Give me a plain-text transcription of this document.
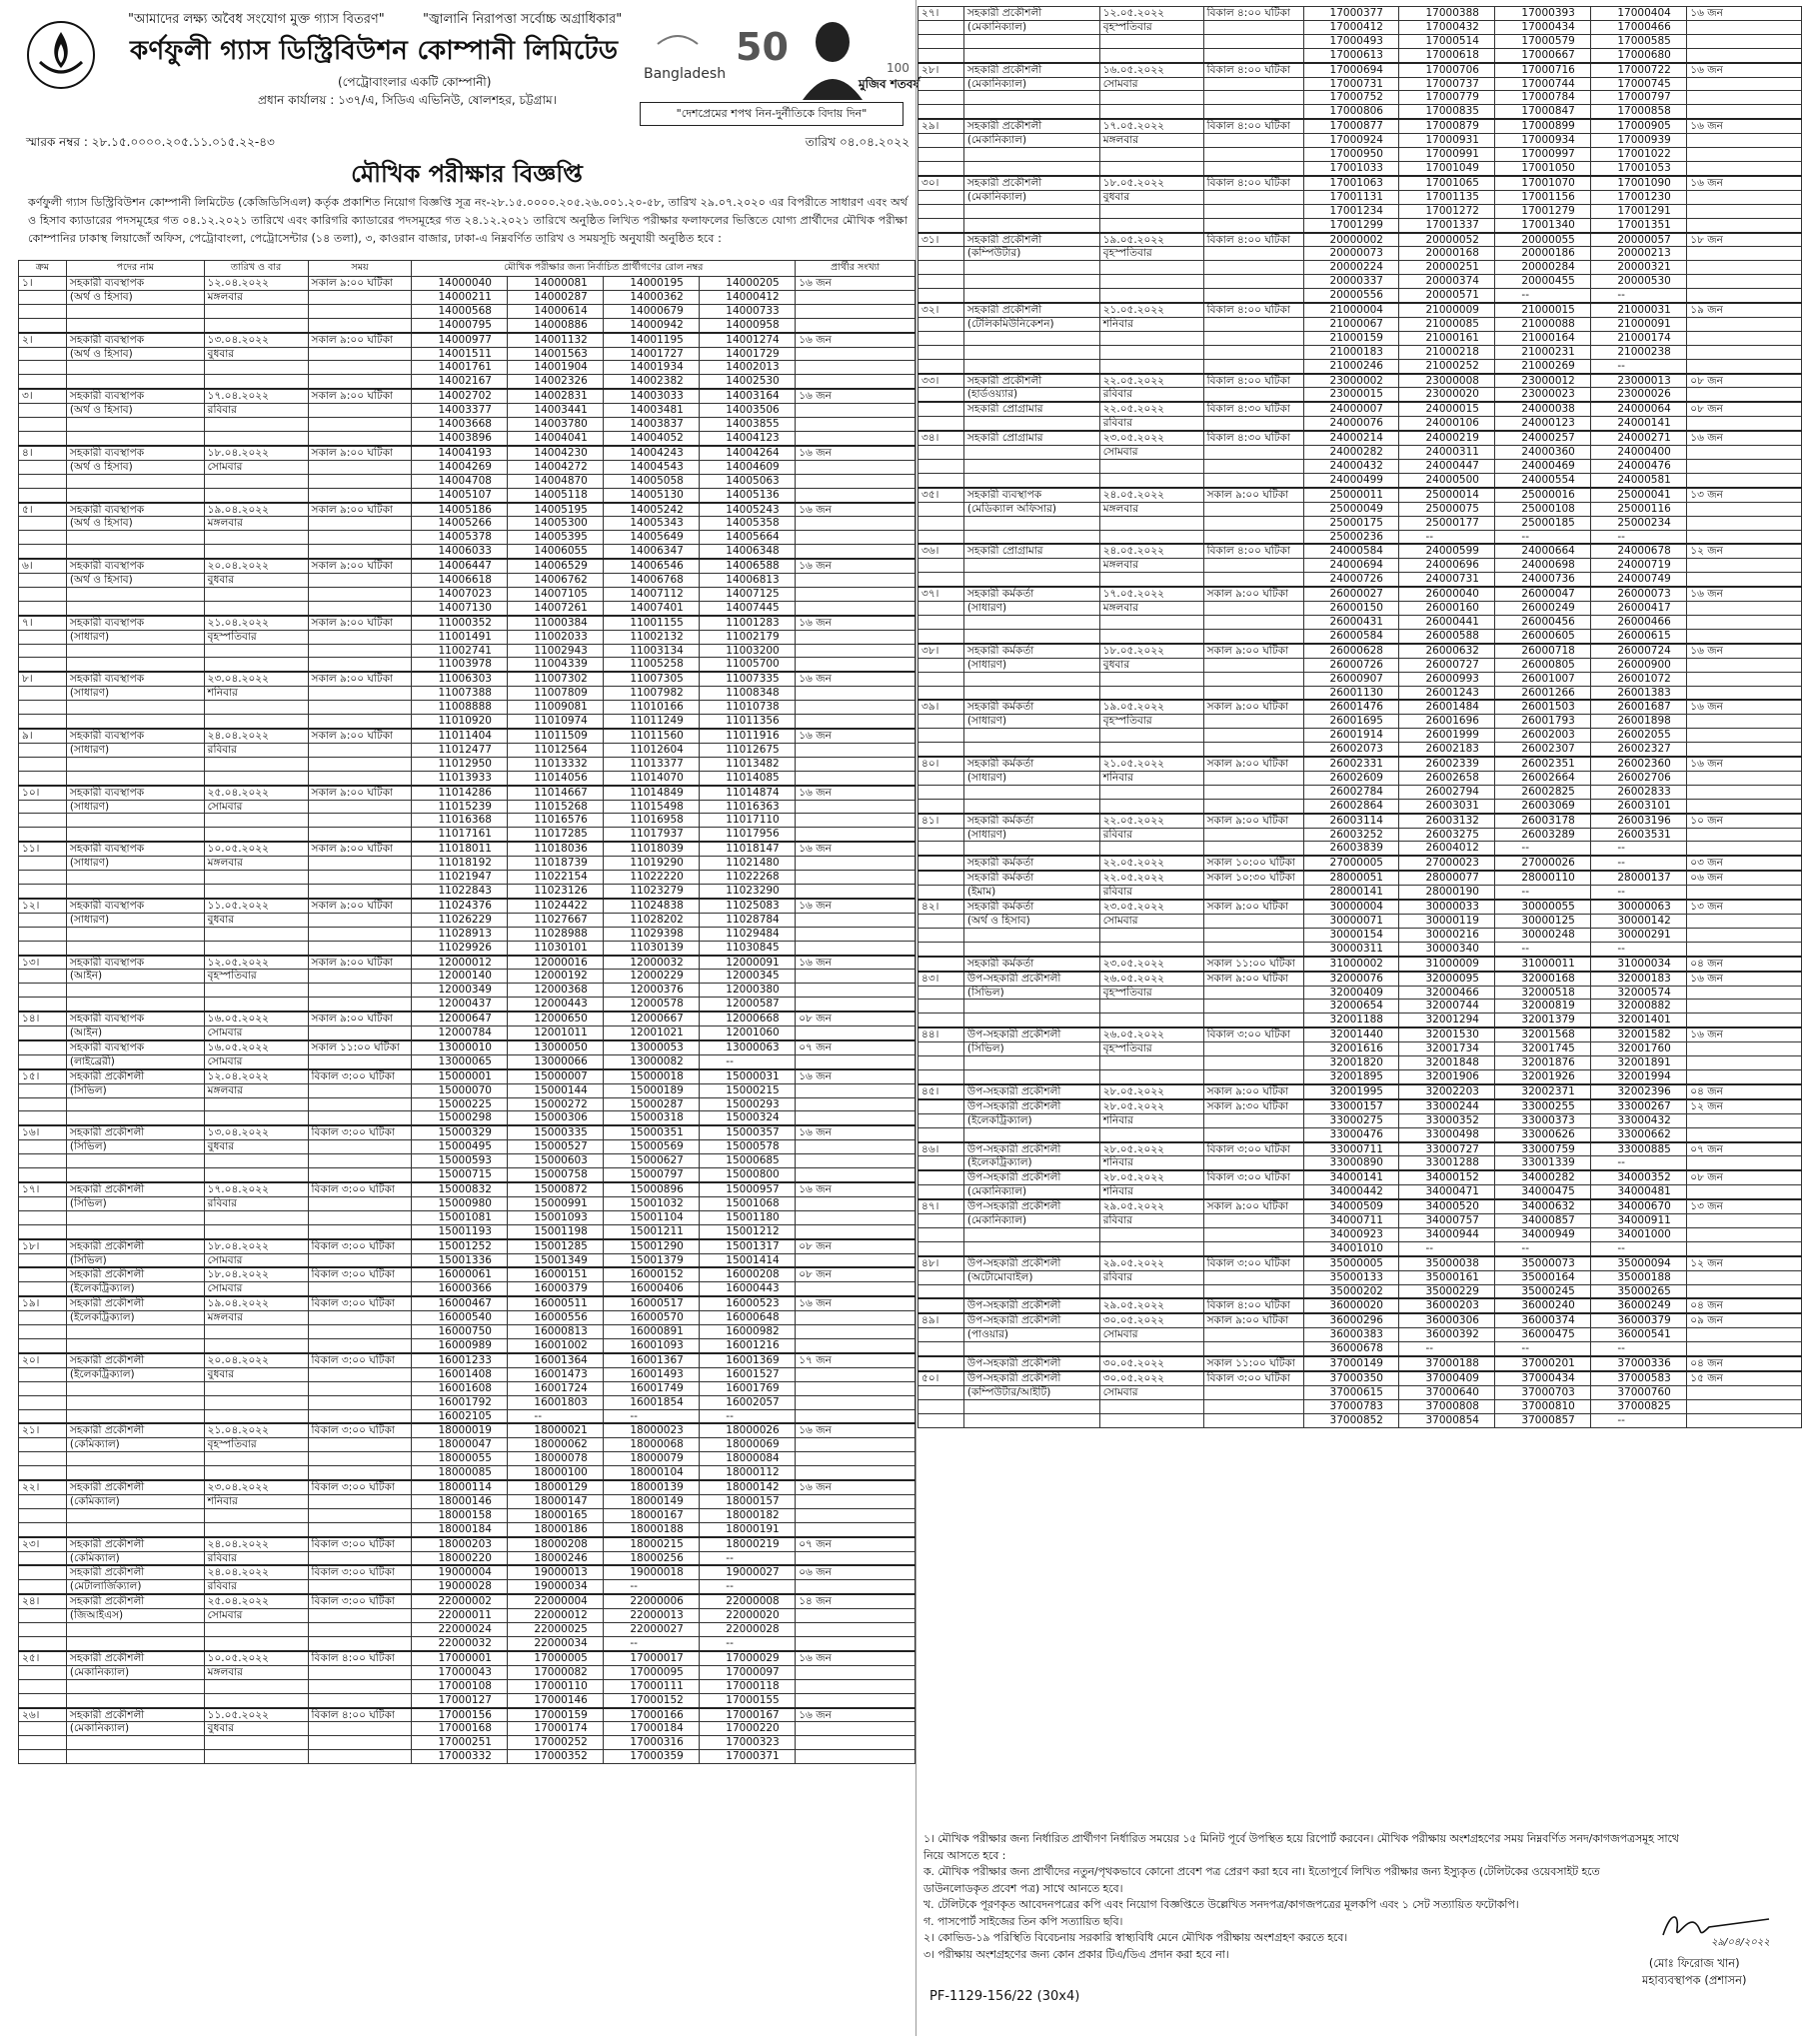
"আমাদের লক্ষ্য অবৈধ সংযোগ মুক্ত গ্যাস বিতরণ"	"জ্বালানি নিরাপত্তা সর্বোচ্চ অগ্রাধিকার"
কর্ণফুলী গ্যাস ডিস্ট্রিবিউশন কোম্পানী লিমিটেড
(পেট্রোবাংলার একটি কোম্পানী)
প্রধান কার্যালয় : ১৩৭/এ, সিডিএ এভিনিউ, ষোলশহর, চট্টগ্রাম।
50
Bangladesh
মুজিব শতবর্ষ
100
"দেশপ্রেমের শপথ নিন-দুর্নীতিকে বিদায় দিন"
স্মারক নম্বর : ২৮.১৫.০০০০.২০৫.১১.০১৫.২২-৪৩	তারিখ ০৪.০৪.২০২২
মৌখিক পরীক্ষার বিজ্ঞপ্তি
কর্ণফুলী গ্যাস ডিস্ট্রিবিউশন কোম্পানী লিমিটেড (কেজিডিসিএল) কর্তৃক প্রকাশিত নিয়োগ বিজ্ঞপ্তি সূত্র নং-২৮.১৫.০০০০.২০৫.২৬.০০১.২০-৫৮, তারিখ ২৯.০৭.২০২০ এর বিপরীতে সাধারণ এবং অর্থ ও হিসাব ক্যাডারের পদসমূহের গত ০৪.১২.২০২১ তারিখে এবং কারিগরি ক্যাডারের পদসমূহের গত ২৪.১২.২০২১ তারিখে অনুষ্ঠিত লিখিত পরীক্ষার ফলাফলের ভিত্তিতে যোগ্য প্রার্থীদের মৌখিক পরীক্ষা কোম্পানির ঢাকাস্থ লিয়াজোঁ অফিস, পেট্রোবাংলা, পেট্রোসেন্টার (১৪ তলা), ৩, কাওরান বাজার, ঢাকা-এ নিম্নবর্ণিত তারিখ ও সময়সূচি অনুযায়ী অনুষ্ঠিত হবে :
ক্রম	পদের নাম	তারিখ ও বার	সময়	মৌখিক পরীক্ষার জন্য নির্বাচিত প্রার্থীগণের রোল নম্বর				প্রার্থীর সংখ্যা
১।	সহকারী ব্যবস্থাপক	১২.০৪.২০২২	সকাল ৯:০০ ঘটিকা	14000040	14000081	14000195	14000205	১৬ জন
	(অর্থ ও হিসাব)	মঙ্গলবার		14000211	14000287	14000362	14000412	
				14000568	14000614	14000679	14000733	
				14000795	14000886	14000942	14000958	
২।	সহকারী ব্যবস্থাপক	১৩.০৪.২০২২	সকাল ৯:০০ ঘটিকা	14000977	14001132	14001195	14001274	১৬ জন
	(অর্থ ও হিসাব)	বুধবার		14001511	14001563	14001727	14001729	
				14001761	14001904	14001934	14002013	
				14002167	14002326	14002382	14002530	
৩।	সহকারী ব্যবস্থাপক	১৭.০৪.২০২২	সকাল ৯:০০ ঘটিকা	14002702	14002831	14003033	14003164	১৬ জন
	(অর্থ ও হিসাব)	রবিবার		14003377	14003441	14003481	14003506	
				14003668	14003780	14003837	14003855	
				14003896	14004041	14004052	14004123	
৪।	সহকারী ব্যবস্থাপক	১৮.০৪.২০২২	সকাল ৯:০০ ঘটিকা	14004193	14004230	14004243	14004264	১৬ জন
	(অর্থ ও হিসাব)	সোমবার		14004269	14004272	14004543	14004609	
				14004708	14004870	14005058	14005063	
				14005107	14005118	14005130	14005136	
৫।	সহকারী ব্যবস্থাপক	১৯.০৪.২০২২	সকাল ৯:০০ ঘটিকা	14005186	14005195	14005242	14005243	১৬ জন
	(অর্থ ও হিসাব)	মঙ্গলবার		14005266	14005300	14005343	14005358	
				14005378	14005395	14005649	14005664	
				14006033	14006055	14006347	14006348	
৬।	সহকারী ব্যবস্থাপক	২০.০৪.২০২২	সকাল ৯:০০ ঘটিকা	14006447	14006529	14006546	14006588	১৬ জন
	(অর্থ ও হিসাব)	বুধবার		14006618	14006762	14006768	14006813	
				14007023	14007105	14007112	14007125	
				14007130	14007261	14007401	14007445	
৭।	সহকারী ব্যবস্থাপক	২১.০৪.২০২২	সকাল ৯:০০ ঘটিকা	11000352	11000384	11001155	11001283	১৬ জন
	(সাধারণ)	বৃহস্পতিবার		11001491	11002033	11002132	11002179	
				11002741	11002943	11003134	11003200	
				11003978	11004339	11005258	11005700	
৮।	সহকারী ব্যবস্থাপক	২৩.০৪.২০২২	সকাল ৯:০০ ঘটিকা	11006303	11007302	11007305	11007335	১৬ জন
	(সাধারণ)	শনিবার		11007388	11007809	11007982	11008348	
				11008888	11009081	11010166	11010738	
				11010920	11010974	11011249	11011356	
৯।	সহকারী ব্যবস্থাপক	২৪.০৪.২০২২	সকাল ৯:০০ ঘটিকা	11011404	11011509	11011560	11011916	১৬ জন
	(সাধারণ)	রবিবার		11012477	11012564	11012604	11012675	
				11012950	11013332	11013377	11013482	
				11013933	11014056	11014070	11014085	
১০।	সহকারী ব্যবস্থাপক	২৫.০৪.২০২২	সকাল ৯:০০ ঘটিকা	11014286	11014667	11014849	11014874	১৬ জন
	(সাধারণ)	সোমবার		11015239	11015268	11015498	11016363	
				11016368	11016576	11016958	11017110	
				11017161	11017285	11017937	11017956	
১১।	সহকারী ব্যবস্থাপক	১০.০৫.২০২২	সকাল ৯:০০ ঘটিকা	11018011	11018036	11018039	11018147	১৬ জন
	(সাধারণ)	মঙ্গলবার		11018192	11018739	11019290	11021480	
				11021947	11022154	11022220	11022268	
				11022843	11023126	11023279	11023290	
১২।	সহকারী ব্যবস্থাপক	১১.০৫.২০২২	সকাল ৯:০০ ঘটিকা	11024376	11024422	11024838	11025083	১৬ জন
	(সাধারণ)	বুধবার		11026229	11027667	11028202	11028784	
				11028913	11028988	11029398	11029484	
				11029926	11030101	11030139	11030845	
১৩।	সহকারী ব্যবস্থাপক	১২.০৫.২০২২	সকাল ৯:০০ ঘটিকা	12000012	12000016	12000032	12000091	১৬ জন
	(আইন)	বৃহস্পতিবার		12000140	12000192	12000229	12000345	
				12000349	12000368	12000376	12000380	
				12000437	12000443	12000578	12000587	
১৪।	সহকারী ব্যবস্থাপক	১৬.০৫.২০২২	সকাল ৯:০০ ঘটিকা	12000647	12000650	12000667	12000668	০৮ জন
	(আইন)	সোমবার		12000784	12001011	12001021	12001060	
	সহকারী ব্যবস্থাপক	১৬.০৫.২০২২	সকাল ১১:০০ ঘটিকা	13000010	13000050	13000053	13000063	০৭ জন
	(লাইব্রেরী)	সোমবার		13000065	13000066	13000082	--	
১৫।	সহকারী প্রকৌশলী	১২.০৪.২০২২	বিকাল ৩:০০ ঘটিকা	15000001	15000007	15000018	15000031	১৬ জন
	(সিভিল)	মঙ্গলবার		15000070	15000144	15000189	15000215	
				15000225	15000272	15000287	15000293	
				15000298	15000306	15000318	15000324	
১৬।	সহকারী প্রকৌশলী	১৩.০৪.২০২২	বিকাল ৩:০০ ঘটিকা	15000329	15000335	15000351	15000357	১৬ জন
	(সিভিল)	বুধবার		15000495	15000527	15000569	15000578	
				15000593	15000603	15000627	15000685	
				15000715	15000758	15000797	15000800	
১৭।	সহকারী প্রকৌশলী	১৭.০৪.২০২২	বিকাল ৩:০০ ঘটিকা	15000832	15000872	15000896	15000957	১৬ জন
	(সিভিল)	রবিবার		15000980	15000991	15001032	15001068	
				15001081	15001093	15001104	15001180	
				15001193	15001198	15001211	15001212	
১৮।	সহকারী প্রকৌশলী	১৮.০৪.২০২২	বিকাল ৩:০০ ঘটিকা	15001252	15001285	15001290	15001317	০৮ জন
	(সিভিল)	সোমবার		15001336	15001349	15001379	15001414	
	সহকারী প্রকৌশলী	১৮.০৪.২০২২	বিকাল ৩:০০ ঘটিকা	16000061	16000151	16000152	16000208	০৮ জন
	(ইলেকট্রিক্যাল)	সোমবার		16000366	16000379	16000406	16000443	
১৯।	সহকারী প্রকৌশলী	১৯.০৪.২০২২	বিকাল ৩:০০ ঘটিকা	16000467	16000511	16000517	16000523	১৬ জন
	(ইলেকট্রিক্যাল)	মঙ্গলবার		16000540	16000556	16000570	16000648	
				16000750	16000813	16000891	16000982	
				16000989	16001002	16001093	16001216	
২০।	সহকারী প্রকৌশলী	২০.০৪.২০২২	বিকাল ৩:০০ ঘটিকা	16001233	16001364	16001367	16001369	১৭ জন
	(ইলেকট্রিক্যাল)	বুধবার		16001408	16001473	16001493	16001527	
				16001608	16001724	16001749	16001769	
				16001792	16001803	16001854	16002057	
				16002105	--	--	--	
২১।	সহকারী প্রকৌশলী	২১.০৪.২০২২	বিকাল ৩:০০ ঘটিকা	18000019	18000021	18000023	18000026	১৬ জন
	(কেমিক্যাল)	বৃহস্পতিবার		18000047	18000062	18000068	18000069	
				18000055	18000078	18000079	18000084	
				18000085	18000100	18000104	18000112	
২২।	সহকারী প্রকৌশলী	২৩.০৪.২০২২	বিকাল ৩:০০ ঘটিকা	18000114	18000129	18000139	18000142	১৬ জন
	(কেমিক্যাল)	শনিবার		18000146	18000147	18000149	18000157	
				18000158	18000165	18000167	18000182	
				18000184	18000186	18000188	18000191	
২৩।	সহকারী প্রকৌশলী	২৪.০৪.২০২২	বিকাল ৩:০০ ঘটিকা	18000203	18000208	18000215	18000219	০৭ জন
	(কেমিক্যাল)	রবিবার		18000220	18000246	18000256	--	
	সহকারী প্রকৌশলী	২৪.০৪.২০২২	বিকাল ৩:০০ ঘটিকা	19000004	19000013	19000018	19000027	০৬ জন
	(মেটালার্জিক্যাল)	রবিবার		19000028	19000034	--	--	
২৪।	সহকারী প্রকৌশলী	২৫.০৪.২০২২	বিকাল ৩:০০ ঘটিকা	22000002	22000004	22000006	22000008	১৪ জন
	(জিআইএস)	সোমবার		22000011	22000012	22000013	22000020	
				22000024	22000025	22000027	22000028	
				22000032	22000034	--	--	
২৫।	সহকারী প্রকৌশলী	১০.০৫.২০২২	বিকাল ৪:০০ ঘটিকা	17000001	17000005	17000017	17000029	১৬ জন
	(মেকানিক্যাল)	মঙ্গলবার		17000043	17000082	17000095	17000097	
				17000108	17000110	17000111	17000118	
				17000127	17000146	17000152	17000155	
২৬।	সহকারী প্রকৌশলী	১১.০৫.২০২২	বিকাল ৪:০০ ঘটিকা	17000156	17000159	17000166	17000167	১৬ জন
	(মেকানিক্যাল)	বুধবার		17000168	17000174	17000184	17000220	
				17000251	17000252	17000316	17000323	
				17000332	17000352	17000359	17000371	
২৭।	সহকারী প্রকৌশলী	১২.০৫.২০২২	বিকাল ৪:০০ ঘটিকা	17000377	17000388	17000393	17000404	১৬ জন
	(মেকানিক্যাল)	বৃহস্পতিবার		17000412	17000432	17000434	17000466	
				17000493	17000514	17000579	17000585	
				17000613	17000618	17000667	17000680	
২৮।	সহকারী প্রকৌশলী	১৬.০৫.২০২২	বিকাল ৪:০০ ঘটিকা	17000694	17000706	17000716	17000722	১৬ জন
	(মেকানিক্যাল)	সোমবার		17000731	17000737	17000744	17000745	
				17000752	17000779	17000784	17000797	
				17000806	17000835	17000847	17000858	
২৯।	সহকারী প্রকৌশলী	১৭.০৫.২০২২	বিকাল ৪:০০ ঘটিকা	17000877	17000879	17000899	17000905	১৬ জন
	(মেকানিক্যাল)	মঙ্গলবার		17000924	17000931	17000934	17000939	
				17000950	17000991	17000997	17001022	
				17001033	17001049	17001050	17001053	
৩০।	সহকারী প্রকৌশলী	১৮.০৫.২০২২	বিকাল ৪:০০ ঘটিকা	17001063	17001065	17001070	17001090	১৬ জন
	(মেকানিক্যাল)	বুধবার		17001131	17001135	17001156	17001230	
				17001234	17001272	17001279	17001291	
				17001299	17001337	17001340	17001351	
৩১।	সহকারী প্রকৌশলী	১৯.০৫.২০২২	বিকাল ৪:০০ ঘটিকা	20000002	20000052	20000055	20000057	১৮ জন
	(কম্পিউটার)	বৃহস্পতিবার		20000073	20000168	20000186	20000213	
				20000224	20000251	20000284	20000321	
				20000337	20000374	20000455	20000530	
				20000556	20000571	--	--	
৩২।	সহকারী প্রকৌশলী	২১.০৫.২০২২	বিকাল ৪:০০ ঘটিকা	21000004	21000009	21000015	21000031	১৯ জন
	(টেলিকমিউনিকেশন)	শনিবার		21000067	21000085	21000088	21000091	
				21000159	21000161	21000164	21000174	
				21000183	21000218	21000231	21000238	
				21000246	21000252	21000269	--	
৩৩।	সহকারী প্রকৌশলী	২২.০৫.২০২২	বিকাল ৪:০০ ঘটিকা	23000002	23000008	23000012	23000013	০৮ জন
	(হার্ডওয়্যার)	রবিবার		23000015	23000020	23000023	23000026	
	সহকারী প্রোগ্রামার	২২.০৫.২০২২	বিকাল ৪:৩০ ঘটিকা	24000007	24000015	24000038	24000064	০৮ জন
		রবিবার		24000076	24000106	24000123	24000141	
৩৪।	সহকারী প্রোগ্রামার	২৩.০৫.২০২২	বিকাল ৪:৩০ ঘটিকা	24000214	24000219	24000257	24000271	১৬ জন
		সোমবার		24000282	24000311	24000360	24000400	
				24000432	24000447	24000469	24000476	
				24000499	24000500	24000554	24000581	
৩৫।	সহকারী ব্যবস্থাপক	২৪.০৫.২০২২	সকাল ৯:০০ ঘটিকা	25000011	25000014	25000016	25000041	১৩ জন
	(মেডিক্যাল অফিসার)	মঙ্গলবার		25000049	25000075	25000108	25000116	
				25000175	25000177	25000185	25000234	
				25000236	--	--	--	
৩৬।	সহকারী প্রোগ্রামার	২৪.০৫.২০২২	বিকাল ৪:০০ ঘটিকা	24000584	24000599	24000664	24000678	১২ জন
		মঙ্গলবার		24000694	24000696	24000698	24000719	
				24000726	24000731	24000736	24000749	
৩৭।	সহকারী কর্মকর্তা	১৭.০৫.২০২২	সকাল ৯:০০ ঘটিকা	26000027	26000040	26000047	26000073	১৬ জন
	(সাধারণ)	মঙ্গলবার		26000150	26000160	26000249	26000417	
				26000431	26000441	26000456	26000466	
				26000584	26000588	26000605	26000615	
৩৮।	সহকারী কর্মকর্তা	১৮.০৫.২০২২	সকাল ৯:০০ ঘটিকা	26000628	26000632	26000718	26000724	১৬ জন
	(সাধারণ)	বুধবার		26000726	26000727	26000805	26000900	
				26000907	26000993	26001007	26001072	
				26001130	26001243	26001266	26001383	
৩৯।	সহকারী কর্মকর্তা	১৯.০৫.২০২২	সকাল ৯:০০ ঘটিকা	26001476	26001484	26001503	26001687	১৬ জন
	(সাধারণ)	বৃহস্পতিবার		26001695	26001696	26001793	26001898	
				26001914	26001999	26002003	26002055	
				26002073	26002183	26002307	26002327	
৪০।	সহকারী কর্মকর্তা	২১.০৫.২০২২	সকাল ৯:০০ ঘটিকা	26002331	26002339	26002351	26002360	১৬ জন
	(সাধারণ)	শনিবার		26002609	26002658	26002664	26002706	
				26002784	26002794	26002825	26002833	
				26002864	26003031	26003069	26003101	
৪১।	সহকারী কর্মকর্তা	২২.০৫.২০২২	সকাল ৯:০০ ঘটিকা	26003114	26003132	26003178	26003196	১০ জন
	(সাধারণ)	রবিবার		26003252	26003275	26003289	26003531	
				26003839	26004012	--	--	
	সহকারী কর্মকর্তা	২২.০৫.২০২২	সকাল ১০:০০ ঘটিকা	27000005	27000023	27000026	--	০৩ জন
	সহকারী কর্মকর্তা	২২.০৫.২০২২	সকাল ১০:৩০ ঘটিকা	28000051	28000077	28000110	28000137	০৬ জন
	(ইমাম)	রবিবার		28000141	28000190	--	--	
৪২।	সহকারী কর্মকর্তা	২৩.০৫.২০২২	সকাল ৯:০০ ঘটিকা	30000004	30000033	30000055	30000063	১৩ জন
	(অর্থ ও হিসাব)	সোমবার		30000071	30000119	30000125	30000142	
				30000154	30000216	30000248	30000291	
				30000311	30000340	--	--	
	সহকারী কর্মকর্তা	২৩.০৫.২০২২	সকাল ১১:০০ ঘটিকা	31000002	31000009	31000011	31000034	০৪ জন
৪৩।	উপ-সহকারী প্রকৌশলী	২৬.০৫.২০২২	সকাল ৯:০০ ঘটিকা	32000076	32000095	32000168	32000183	১৬ জন
	(সিভিল)	বৃহস্পতিবার		32000409	32000466	32000518	32000574	
				32000654	32000744	32000819	32000882	
				32001188	32001294	32001379	32001401	
৪৪।	উপ-সহকারী প্রকৌশলী	২৬.০৫.২০২২	বিকাল ৩:০০ ঘটিকা	32001440	32001530	32001568	32001582	১৬ জন
	(সিভিল)	বৃহস্পতিবার		32001616	32001734	32001745	32001760	
				32001820	32001848	32001876	32001891	
				32001895	32001906	32001926	32001994	
৪৫।	উপ-সহকারী প্রকৌশলী	২৮.০৫.২০২২	সকাল ৯:০০ ঘটিকা	32001995	32002203	32002371	32002396	০৪ জন
	উপ-সহকারী প্রকৌশলী	২৮.০৫.২০২২	সকাল ৯:৩০ ঘটিকা	33000157	33000244	33000255	33000267	১২ জন
	(ইলেকট্রিক্যাল)	শনিবার		33000275	33000352	33000373	33000432	
				33000476	33000498	33000626	33000662	
৪৬।	উপ-সহকারী প্রকৌশলী	২৮.০৫.২০২২	বিকাল ৩:০০ ঘটিকা	33000711	33000727	33000759	33000885	০৭ জন
	(ইলেকট্রিক্যাল)	শনিবার		33000890	33001288	33001339	--	
	উপ-সহকারী প্রকৌশলী	২৮.০৫.২০২২	বিকাল ৩:০০ ঘটিকা	34000141	34000152	34000282	34000352	০৮ জন
	(মেকানিক্যাল)	শনিবার		34000442	34000471	34000475	34000481	
৪৭।	উপ-সহকারী প্রকৌশলী	২৯.০৫.২০২২	সকাল ৯:০০ ঘটিকা	34000509	34000520	34000632	34000670	১৩ জন
	(মেকানিক্যাল)	রবিবার		34000711	34000757	34000857	34000911	
				34000923	34000944	34000949	34001000	
				34001010	--	--	--	
৪৮।	উপ-সহকারী প্রকৌশলী	২৯.০৫.২০২২	বিকাল ৩:০০ ঘটিকা	35000005	35000038	35000073	35000094	১২ জন
	(অটোমোবাইল)	রবিবার		35000133	35000161	35000164	35000188	
				35000202	35000229	35000245	35000265	
	উপ-সহকারী প্রকৌশলী	২৯.০৫.২০২২	বিকাল ৪:০০ ঘটিকা	36000020	36000203	36000240	36000249	০৪ জন
৪৯।	উপ-সহকারী প্রকৌশলী	৩০.০৫.২০২২	সকাল ৯:০০ ঘটিকা	36000296	36000306	36000374	36000379	০৯ জন
	(পাওয়ার)	সোমবার		36000383	36000392	36000475	36000541	
				36000678	--	--	--	
	উপ-সহকারী প্রকৌশলী	৩০.০৫.২০২২	সকাল ১১:০০ ঘটিকা	37000149	37000188	37000201	37000336	০৪ জন
৫০।	উপ-সহকারী প্রকৌশলী	৩০.০৫.২০২২	বিকাল ৩:০০ ঘটিকা	37000350	37000409	37000434	37000583	১৫ জন
	(কম্পিউটার/আইটি)	সোমবার		37000615	37000640	37000703	37000760	
				37000783	37000808	37000810	37000825	
				37000852	37000854	37000857	--	
১। মৌখিক পরীক্ষার জন্য নির্ধারিত প্রার্থীগণ নির্ধারিত সময়ের ১৫ মিনিট পূর্বে উপস্থিত হয়ে রিপোর্ট করবেন। মৌখিক পরীক্ষায় অংশগ্রহণের সময় নিম্নবর্ণিত সনদ/কাগজপত্রসমূহ সাথে
নিয়ে আসতে হবে :
ক. মৌখিক পরীক্ষার জন্য প্রার্থীদের নতুন/পৃথকভাবে কোনো প্রবেশ পত্র প্রেরণ করা হবে না। ইতোপূর্বে লিখিত পরীক্ষার জন্য ইস্যুকৃত (টেলিটকের ওয়েবসাইট হতে
ডাউনলোডকৃত প্রবেশ পত্র) সাথে আনতে হবে।
খ. টেলিটকে পূরণকৃত আবেদনপত্রের কপি এবং নিয়োগ বিজ্ঞপ্তিতে উল্লেখিত সনদপত্র/কাগজপত্রের মূলকপি এবং ১ সেট সত্যায়িত ফটোকপি।
গ. পাসপোর্ট সাইজের তিন কপি সত্যায়িত ছবি।
২। কোভিড-১৯ পরিস্থিতি বিবেচনায় সরকারি স্বাস্থ্যবিধি মেনে মৌখিক পরীক্ষায় অংশগ্রহণ করতে হবে।
৩। পরীক্ষায় অংশগ্রহণের জন্য কোন প্রকার টিএ/ডিএ প্রদান করা হবে না।
২৯/০৪/২০২২
(মোঃ ফিরোজ খান)
মহাব্যবস্থাপক (প্রশাসন)
PF-1129-156/22 (30x4)
